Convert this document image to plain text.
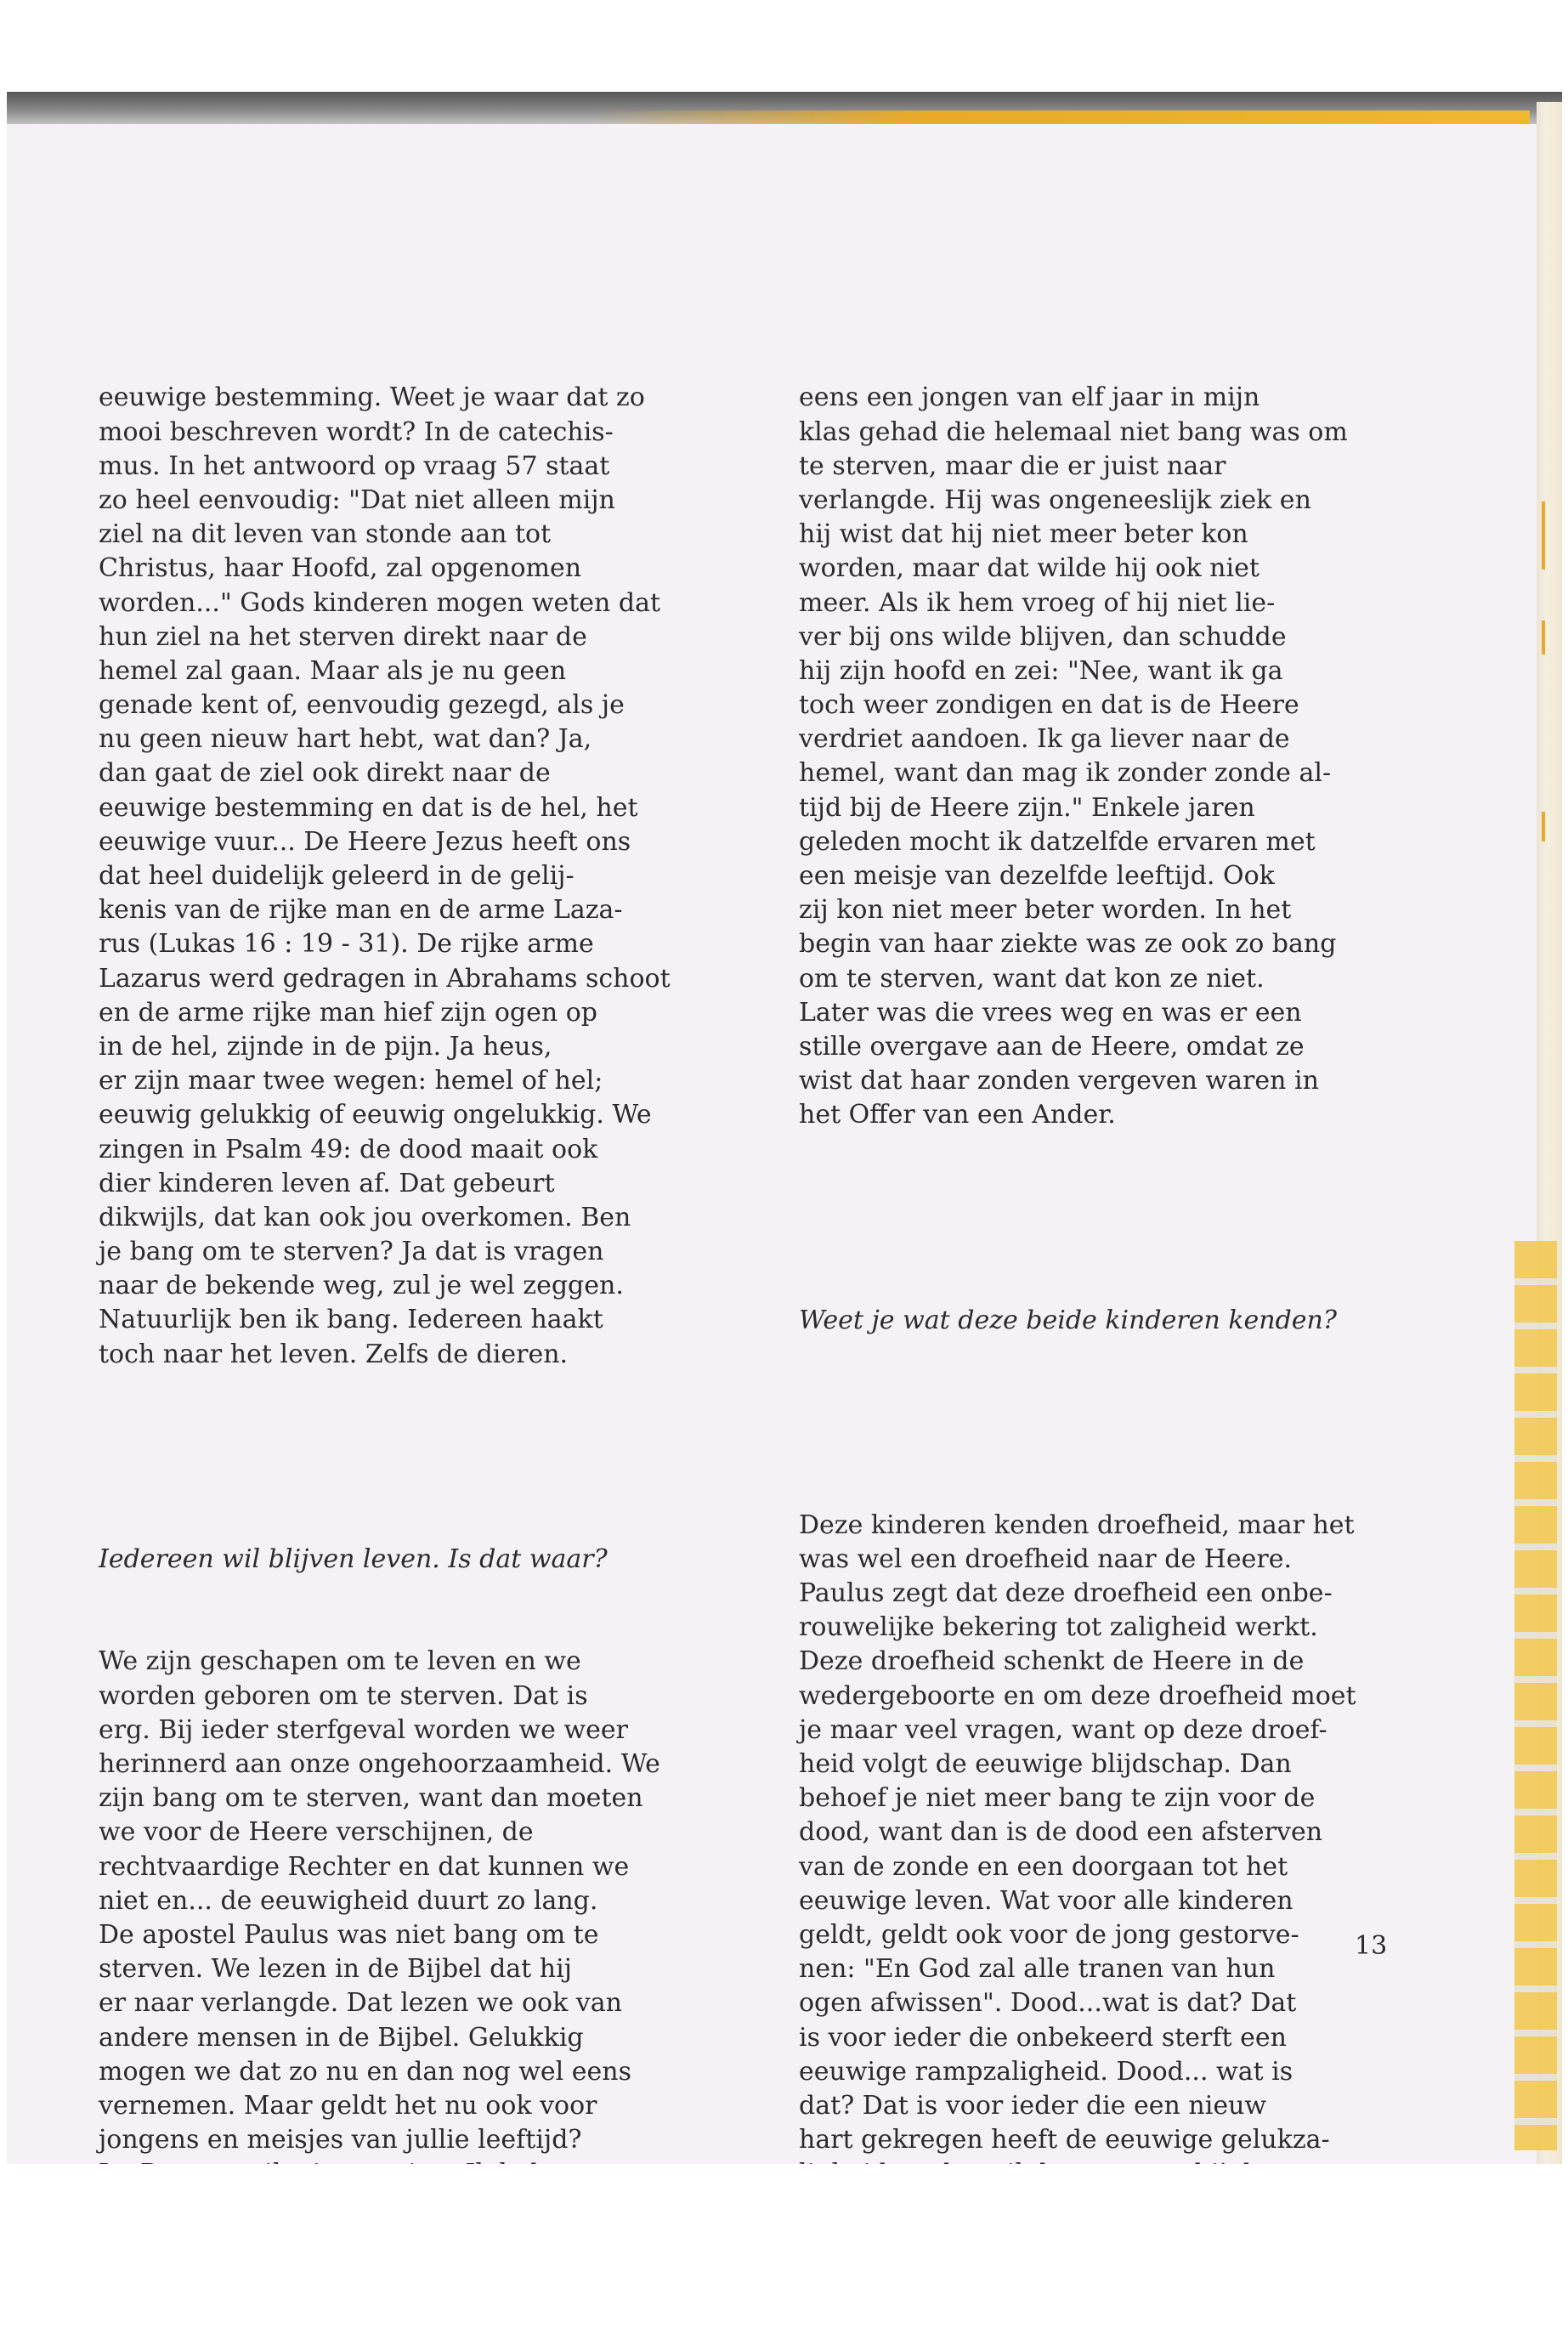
eeuwige bestemming. Weet je waar dat zo
mooi beschreven wordt? In de catechis-
mus. In het antwoord op vraag 57 staat
zo heel eenvoudig: "Dat niet alleen mijn
ziel na dit leven van stonde aan tot
Christus, haar Hoofd, zal opgenomen
worden..." Gods kinderen mogen weten dat
hun ziel na het sterven direkt naar de
hemel zal gaan. Maar als je nu geen
genade kent of, eenvoudig gezegd, als je
nu geen nieuw hart hebt, wat dan? Ja,
dan gaat de ziel ook direkt naar de
eeuwige bestemming en dat is de hel, het
eeuwige vuur... De Heere Jezus heeft ons
dat heel duidelijk geleerd in de gelij-
kenis van de rijke man en de arme Laza-
rus (Lukas 16 : 19 - 31). De rijke arme
Lazarus werd gedragen in Abrahams schoot
en de arme rijke man hief zijn ogen op
in de hel, zijnde in de pijn. Ja heus,
er zijn maar twee wegen: hemel of hel;
eeuwig gelukkig of eeuwig ongelukkig. We
zingen in Psalm 49: de dood maait ook
dier kinderen leven af. Dat gebeurt
dikwijls, dat kan ook jou overkomen. Ben
je bang om te sterven? Ja dat is vragen
naar de bekende weg, zul je wel zeggen.
Natuurlijk ben ik bang. Iedereen haakt
toch naar het leven. Zelfs de dieren.

Iedereen wil blijven leven. Is dat waar?

We zijn geschapen om te leven en we
worden geboren om te sterven. Dat is
erg. Bij ieder sterfgeval worden we weer
herinnerd aan onze ongehoorzaamheid. We
zijn bang om te sterven, want dan moeten
we voor de Heere verschijnen, de
rechtvaardige Rechter en dat kunnen we
niet en... de eeuwigheid duurt zo lang.
De apostel Paulus was niet bang om te
sterven. We lezen in de Bijbel dat hij
er naar verlangde. Dat lezen we ook van
andere mensen in de Bijbel. Gelukkig
mogen we dat zo nu en dan nog wel eens
vernemen. Maar geldt het nu ook voor
jongens en meisjes van jullie leeftijd?

eens een jongen van elf jaar in mijn
klas gehad die helemaal niet bang was om
te sterven, maar die er juist naar
verlangde. Hij was ongeneeslijk ziek en
hij wist dat hij niet meer beter kon
worden, maar dat wilde hij ook niet
meer. Als ik hem vroeg of hij niet lie-
ver bij ons wilde blijven, dan schudde
hij zijn hoofd en zei: "Nee, want ik ga
toch weer zondigen en dat is de Heere
verdriet aandoen. Ik ga liever naar de
hemel, want dan mag ik zonder zonde al-
tijd bij de Heere zijn." Enkele jaren
geleden mocht ik datzelfde ervaren met
een meisje van dezelfde leeftijd. Ook
zij kon niet meer beter worden. In het
begin van haar ziekte was ze ook zo bang
om te sterven, want dat kon ze niet.
Later was die vrees weg en was er een
stille overgave aan de Heere, omdat ze
wist dat haar zonden vergeven waren in
het Offer van een Ander.

Weet je wat deze beide kinderen kenden?

Deze kinderen kenden droefheid, maar het
was wel een droefheid naar de Heere.
Paulus zegt dat deze droefheid een onbe-
rouwelijke bekering tot zaligheid werkt.
Deze droefheid schenkt de Heere in de
wedergeboorte en om deze droefheid moet
je maar veel vragen, want op deze droef-
heid volgt de eeuwige blijdschap. Dan
behoef je niet meer bang te zijn voor de
dood, want dan is de dood een afsterven
van de zonde en een doorgaan tot het
eeuwige leven. Wat voor alle kinderen
geldt, geldt ook voor de jong gestorve-
nen: "En God zal alle tranen van hun
ogen afwissen". Dood...wat is dat? Dat
is voor ieder die onbekeerd sterft een
eeuwige rampzaligheid. Dood... wat is
dat? Dat is voor ieder die een nieuw
hart gekregen heeft de eeuwige gelukza-

13
